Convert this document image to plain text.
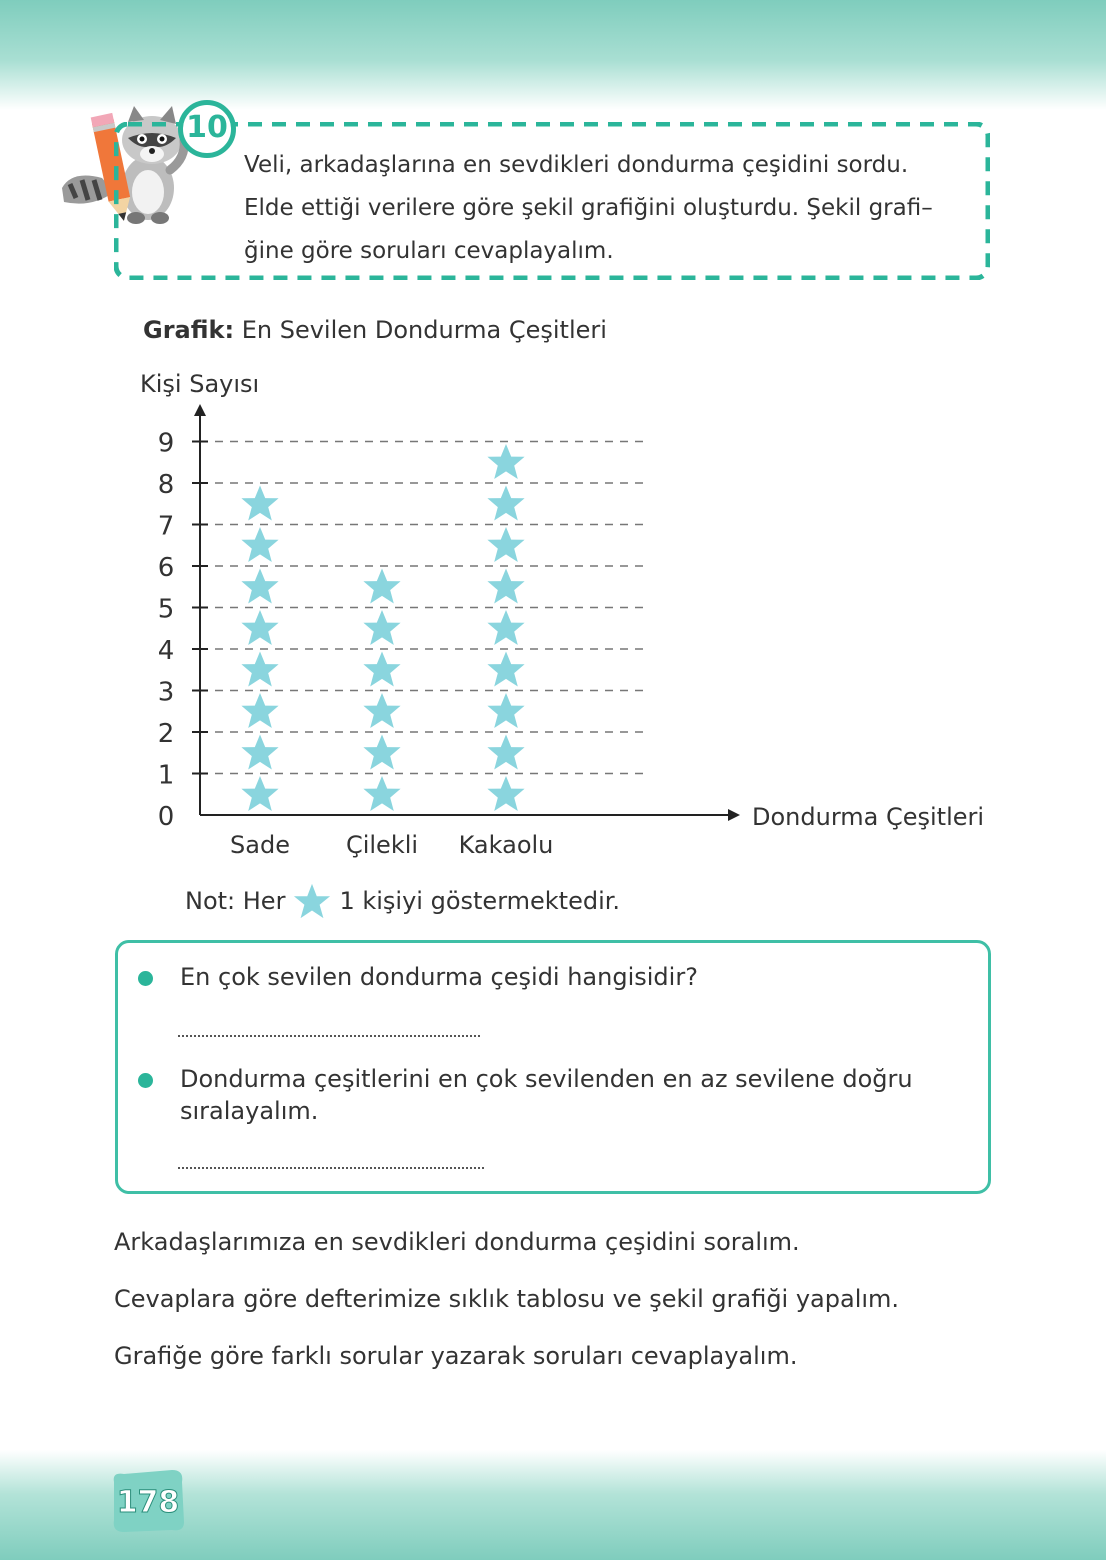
Veli, arkadaşlarına en sevdikleri dondurma çeşidini sordu.
Elde ettiği verilere göre şekil grafiğini oluşturdu. Şekil grafi–
ğine göre soruları cevaplayalım.
10
Grafik: En Sevilen Dondurma Çeşitleri
0
1
2
3
4
5
6
7
8
9
Kişi Sayısı
Dondurma Çeşitleri
Sade Çilekli Kakaolu
Not: Her 1 kişiyi göstermektedir.
En çok sevilen dondurma çeşidi hangisidir?
Dondurma çeşitlerini en çok sevilenden en az sevilene doğru sıralayalım.
Arkadaşlarımıza en sevdikleri dondurma çeşidini soralım.
Cevaplara göre defterimize sıklık tablosu ve şekil grafiği yapalım.
Grafiğe göre farklı sorular yazarak soruları cevaplayalım.
178
